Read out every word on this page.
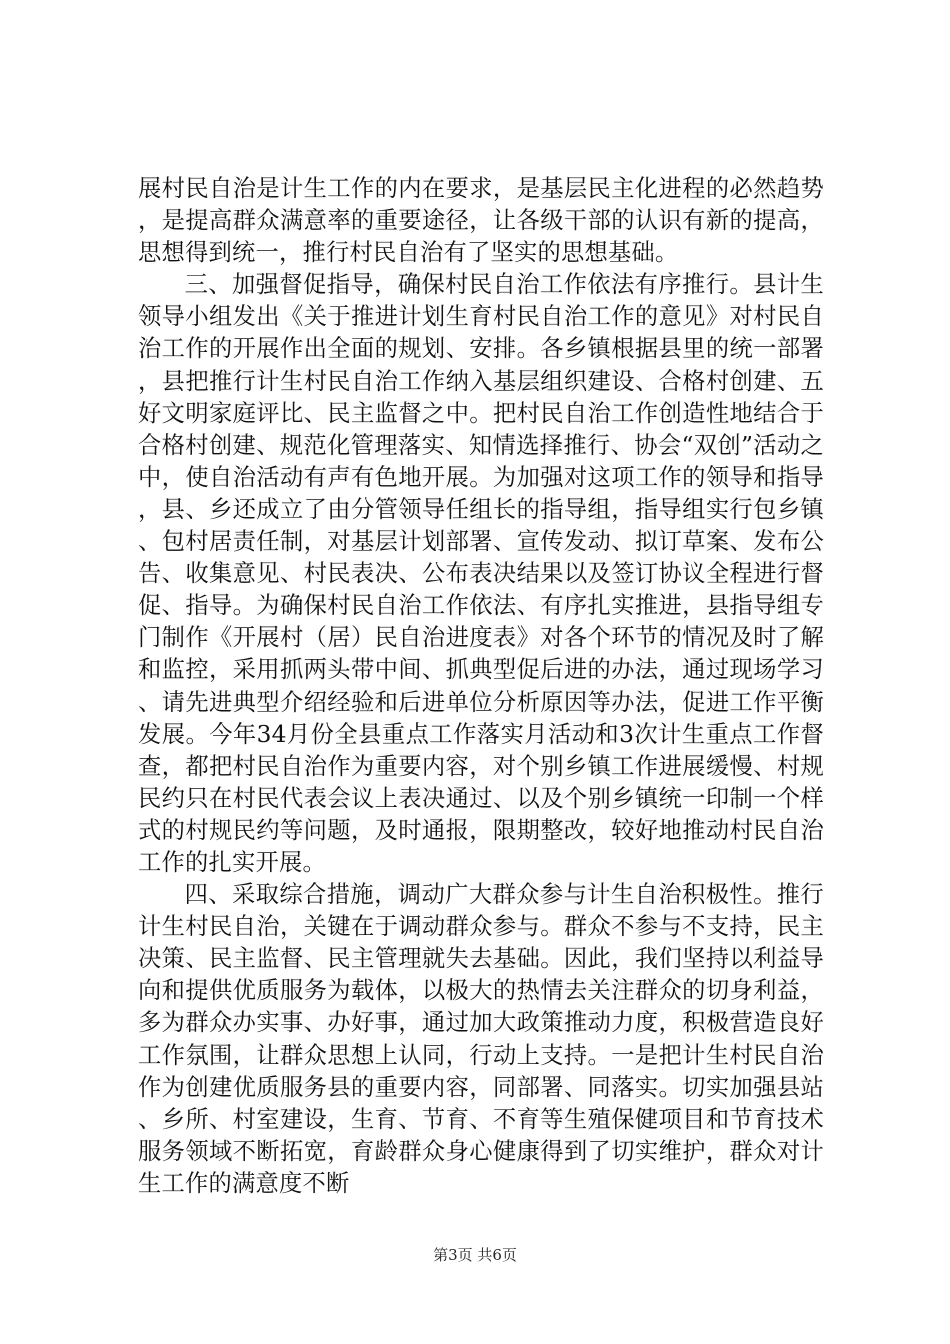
展村民自治是计生工作的内在要求，是基层民主化进程的必然趋势，是提高群众满意率的重要途径，让各级干部的认识有新的提高，思想得到统一，推行村民自治有了坚实的思想基础。

三、加强督促指导，确保村民自治工作依法有序推行。县计生领导小组发出《关于推进计划生育村民自治工作的意见》对村民自治工作的开展作出全面的规划、安排。各乡镇根据县里的统一部署，县把推行计生村民自治工作纳入基层组织建设、合格村创建、五好文明家庭评比、民主监督之中。把村民自治工作创造性地结合于合格村创建、规范化管理落实、知情选择推行、协会“双创”活动之中，使自治活动有声有色地开展。为加强对这项工作的领导和指导，县、乡还成立了由分管领导任组长的指导组，指导组实行包乡镇、包村居责任制，对基层计划部署、宣传发动、拟订草案、发布公告、收集意见、村民表决、公布表决结果以及签订协议全程进行督促、指导。为确保村民自治工作依法、有序扎实推进，县指导组专门制作《开展村（居）民自治进度表》对各个环节的情况及时了解和监控，采用抓两头带中间、抓典型促后进的办法，通过现场学习、请先进典型介绍经验和后进单位分析原因等办法，促进工作平衡发展。今年34月份全县重点工作落实月活动和3次计生重点工作督查，都把村民自治作为重要内容，对个别乡镇工作进展缓慢、村规民约只在村民代表会议上表决通过、以及个别乡镇统一印制一个样式的村规民约等问题，及时通报，限期整改，较好地推动村民自治工作的扎实开展。

四、采取综合措施，调动广大群众参与计生自治积极性。推行计生村民自治，关键在于调动群众参与。群众不参与不支持，民主决策、民主监督、民主管理就失去基础。因此，我们坚持以利益导向和提供优质服务为载体，以极大的热情去关注群众的切身利益，多为群众办实事、办好事，通过加大政策推动力度，积极营造良好工作氛围，让群众思想上认同，行动上支持。一是把计生村民自治作为创建优质服务县的重要内容，同部署、同落实。切实加强县站、乡所、村室建设，生育、节育、不育等生殖保健项目和节育技术服务领域不断拓宽，育龄群众身心健康得到了切实维护，群众对计生工作的满意度不断

第3页 共6页
